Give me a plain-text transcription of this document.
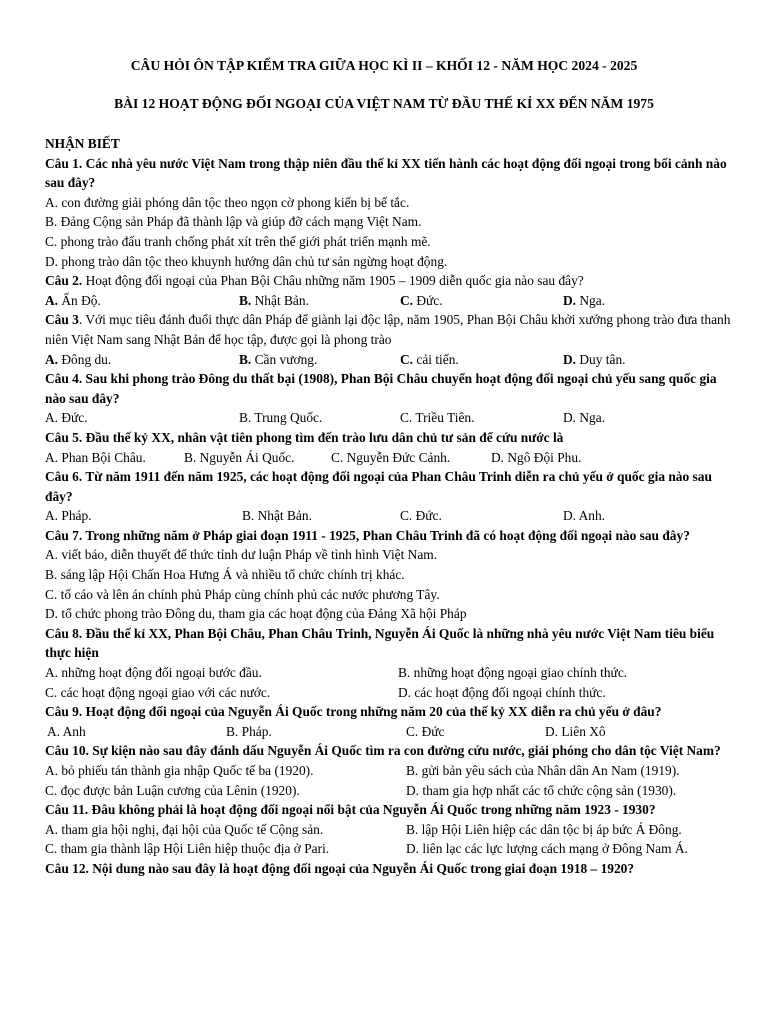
CÂU HỎI ÔN TẬP KIỂM TRA GIỮA HỌC KÌ II – KHỐI 12 - NĂM HỌC 2024 - 2025
BÀI 12 HOẠT ĐỘNG ĐỐI NGOẠI CỦA VIỆT NAM TỪ ĐẦU THẾ KỈ XX ĐẾN NĂM 1975
NHẬN BIẾT
Câu 1. Các nhà yêu nước Việt Nam trong thập niên đầu thế kỉ XX tiến hành các hoạt động đối ngoại trong bối cảnh nào sau đây?
A. con đường giải phóng dân tộc theo ngọn cờ phong kiến bị bế tắc.
B. Đảng Cộng sản Pháp đã thành lập và giúp đỡ cách mạng Việt Nam.
C. phong trào đấu tranh chống phát xít trên thế giới phát triển mạnh mẽ.
D. phong trào dân tộc theo khuynh hướng dân chủ tư sản ngừng hoạt động.
Câu 2. Hoạt động đối ngoại của Phan Bội Châu những năm 1905 – 1909 diễn quốc gia nào sau đây?
A. Ấn Độ.	B. Nhật Bản.	C. Đức.	D. Nga.
Câu 3. Với mục tiêu đánh đuổi thực dân Pháp để giành lại độc lập, năm 1905, Phan Bội Châu khởi xướng phong trào đưa thanh niên Việt Nam sang Nhật Bản để học tập, được gọi là phong trào
A. Đông du.	B. Cần vương.	C. cải tiến.	D. Duy tân.
Câu 4. Sau khi phong trào Đông du thất bại (1908), Phan Bội Châu chuyển hoạt động đối ngoại chủ yếu sang quốc gia nào sau đây?
A. Đức.	B. Trung Quốc.	C. Triều Tiên.	D. Nga.
Câu 5. Đầu thế kỷ XX, nhân vật tiên phong tìm đến trào lưu dân chủ tư sản để cứu nước là
A. Phan Bội Châu.	B. Nguyễn Ái Quốc.	C. Nguyễn Đức Cảnh.	D. Ngô Đội Phu.
Câu 6. Từ năm 1911 đến năm 1925, các hoạt động đối ngoại của Phan Châu Trinh diễn ra chủ yếu ở quốc gia nào sau đây?
A. Pháp.	B. Nhật Bản.	C. Đức.	D. Anh.
Câu 7. Trong những năm ở Pháp giai đoạn 1911 - 1925, Phan Châu Trinh đã có hoạt động đối ngoại nào sau đây?
A. viết báo, diễn thuyết để thức tỉnh dư luận Pháp về tình hình Việt Nam.
B. sáng lập Hội Chấn Hoa Hưng Á và nhiều tổ chức chính trị khác.
C. tố cáo và lên án chính phủ Pháp cùng chính phủ các nước phương Tây.
D. tổ chức phong trào Đông du, tham gia các hoạt động của Đảng Xã hội Pháp
Câu 8. Đầu thế kỉ XX, Phan Bội Châu, Phan Châu Trinh, Nguyễn Ái Quốc là những nhà yêu nước Việt Nam tiêu biểu thực hiện
A. những hoạt động đối ngoại bước đầu.	B. những hoạt động ngoại giao chính thức.
C. các hoạt động ngoại giao với các nước.	D. các hoạt động đối ngoại chính thức.
Câu 9. Hoạt động đối ngoại của Nguyễn Ái Quốc trong những năm 20 của thế kỷ XX diễn ra chủ yếu ở đâu?
A. Anh	B. Pháp.	C. Đức	D. Liên Xô
Câu 10. Sự kiện nào sau đây đánh dấu Nguyễn Ái Quốc tìm ra con đường cứu nước, giải phóng cho dân tộc Việt Nam?
A. bỏ phiếu tán thành gia nhập Quốc tế ba (1920).	B. gửi bản yêu sách của Nhân dân An Nam (1919).
C. đọc được bản Luận cương của Lênin (1920).	D. tham gia hợp nhất các tổ chức cộng sản (1930).
Câu 11. Đâu không phải là hoạt động đối ngoại nổi bật của Nguyễn Ái Quốc trong những năm 1923 - 1930?
A. tham gia hội nghị, đại hội của Quốc tế Cộng sản.	B. lập Hội Liên hiệp các dân tộc bị áp bức Á Đông.
C. tham gia thành lập Hội Liên hiệp thuộc địa ở Pari.	D. liên lạc các lực lượng cách mạng ở Đông Nam Á.
Câu 12. Nội dung nào sau đây là hoạt động đối ngoại của Nguyễn Ái Quốc trong giai đoạn 1918 – 1920?
